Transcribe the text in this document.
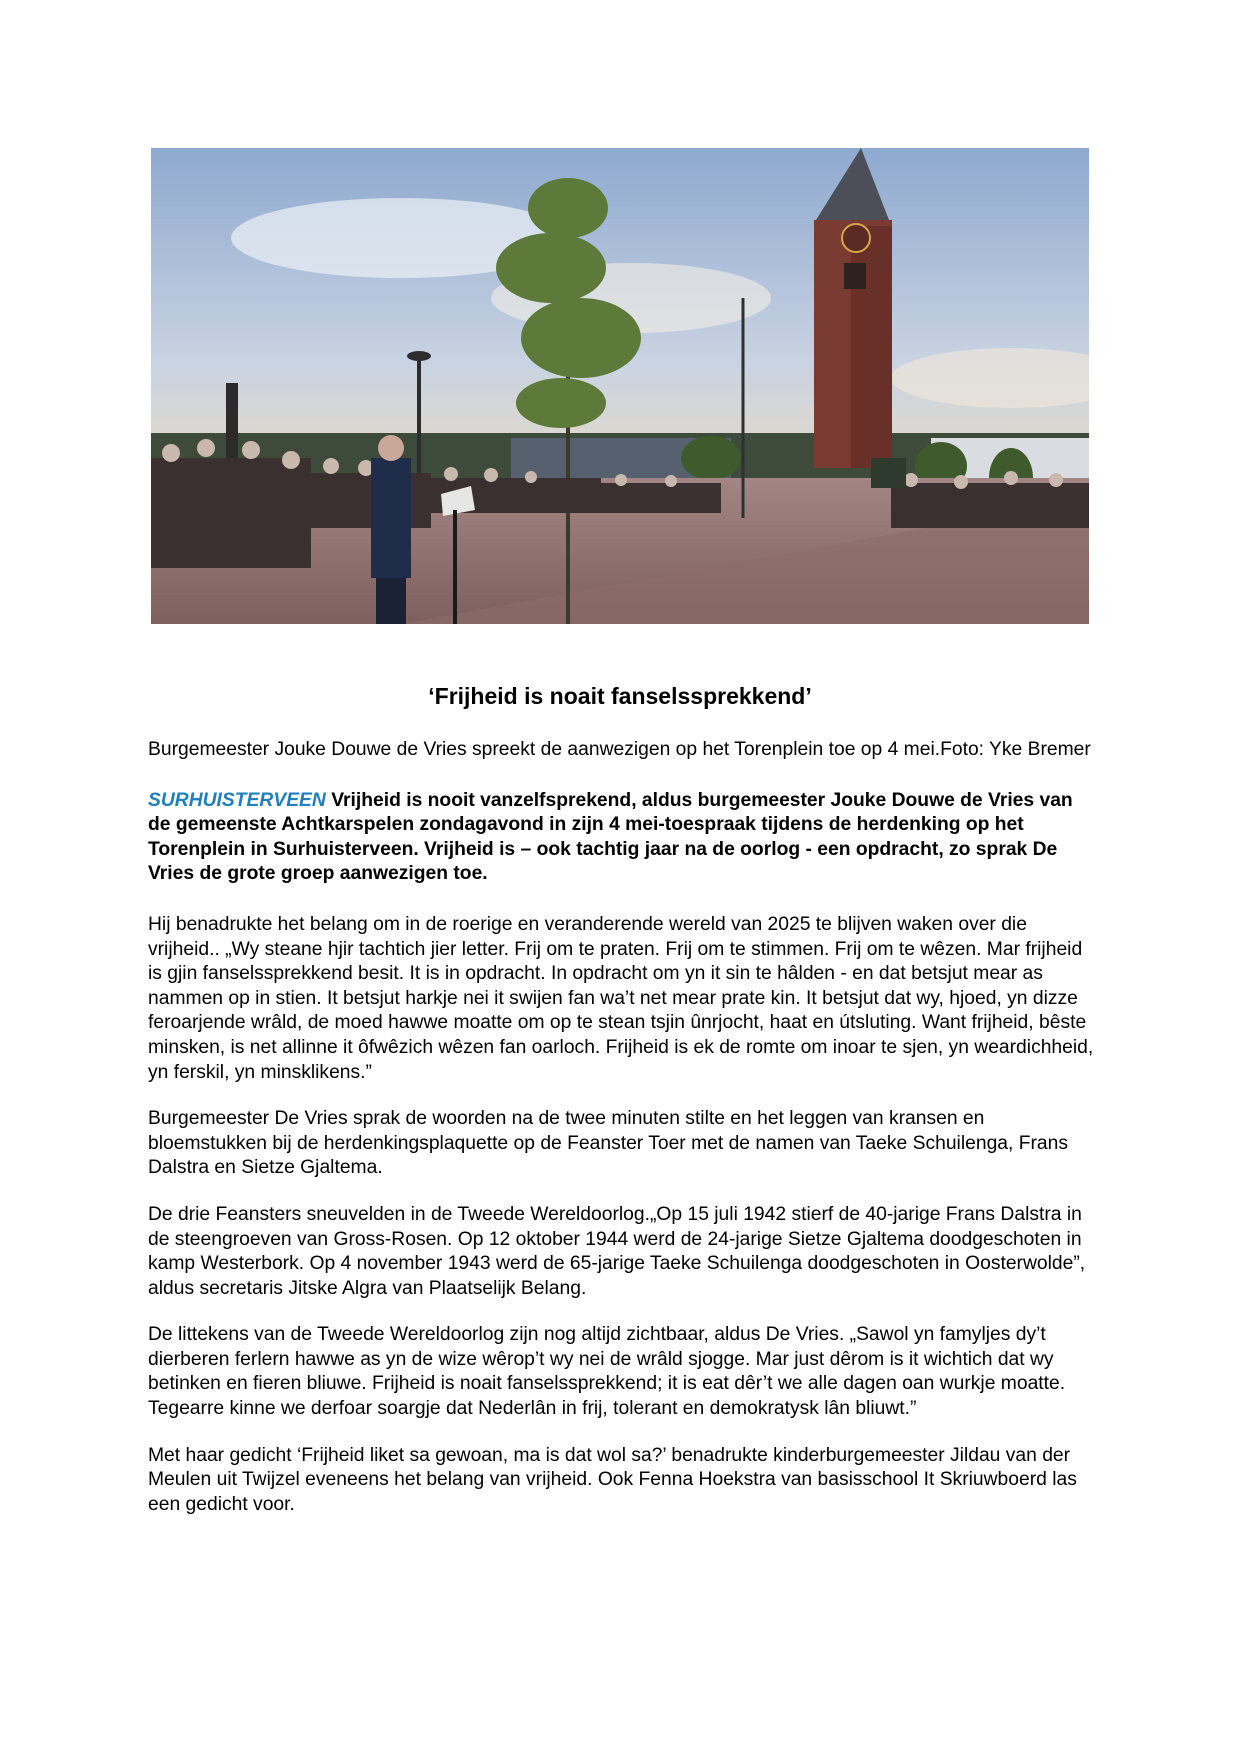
‘Frijheid is noait fanselssprekkend’

Burgemeester Jouke Douwe de Vries spreekt de aanwezigen op het Torenplein toe op 4 mei.Foto: Yke Bremer

SURHUISTERVEEN Vrijheid is nooit vanzelfsprekend, aldus burgemeester Jouke Douwe de Vries van de gemeenste Achtkarspelen zondagavond in zijn 4 mei-toespraak tijdens de herdenking op het Torenplein in Surhuisterveen. Vrijheid is – ook tachtig jaar na de oorlog - een opdracht, zo sprak De Vries de grote groep aanwezigen toe.

Hij benadrukte het belang om in de roerige en veranderende wereld van 2025 te blijven waken over die vrijheid.. „Wy steane hjir tachtich jier letter. Frij om te praten. Frij om te stimmen. Frij om te wêzen. Mar frijheid is gjin fanselssprekkend besit. It is in opdracht. In opdracht om yn it sin te hâlden - en dat betsjut mear as nammen op in stien. It betsjut harkje nei it swijen fan wa’t net mear prate kin. It betsjut dat wy, hjoed, yn dizze feroarjende wrâld, de moed hawwe moatte om op te stean tsjin ûnrjocht, haat en útsluting. Want frijheid, bêste minsken, is net allinne it ôfwêzich wêzen fan oarloch. Frijheid is ek de romte om inoar te sjen, yn weardichheid, yn ferskil, yn minsklikens.”

Burgemeester De Vries sprak de woorden na de twee minuten stilte en het leggen van kransen en bloemstukken bij de herdenkingsplaquette op de Feanster Toer met de namen van Taeke Schuilenga, Frans Dalstra en Sietze Gjaltema.

De drie Feansters sneuvelden in de Tweede Wereldoorlog.„Op 15 juli 1942 stierf de 40-jarige Frans Dalstra in de steengroeven van Gross-Rosen. Op 12 oktober 1944 werd de 24-jarige Sietze Gjaltema doodgeschoten in kamp Westerbork. Op 4 november 1943 werd de 65-jarige Taeke Schuilenga doodgeschoten in Oosterwolde”, aldus secretaris Jitske Algra van Plaatselijk Belang.

De littekens van de Tweede Wereldoorlog zijn nog altijd zichtbaar, aldus De Vries. „Sawol yn famyljes dy’t dierberen ferlern hawwe as yn de wize wêrop’t wy nei de wrâld sjogge. Mar just dêrom is it wichtich dat wy betinken en fieren bliuwe. Frijheid is noait fanselssprekkend; it is eat dêr’t we alle dagen oan wurkje moatte. Tegearre kinne we derfoar soargje dat Nederlân in frij, tolerant en demokratysk lân bliuwt.”

Met haar gedicht ‘Frijheid liket sa gewoan, ma is dat wol sa?’ benadrukte kinderburgemeester Jildau van der Meulen uit Twijzel eveneens het belang van vrijheid. Ook Fenna Hoekstra van basisschool It Skriuwboerd las een gedicht voor.
